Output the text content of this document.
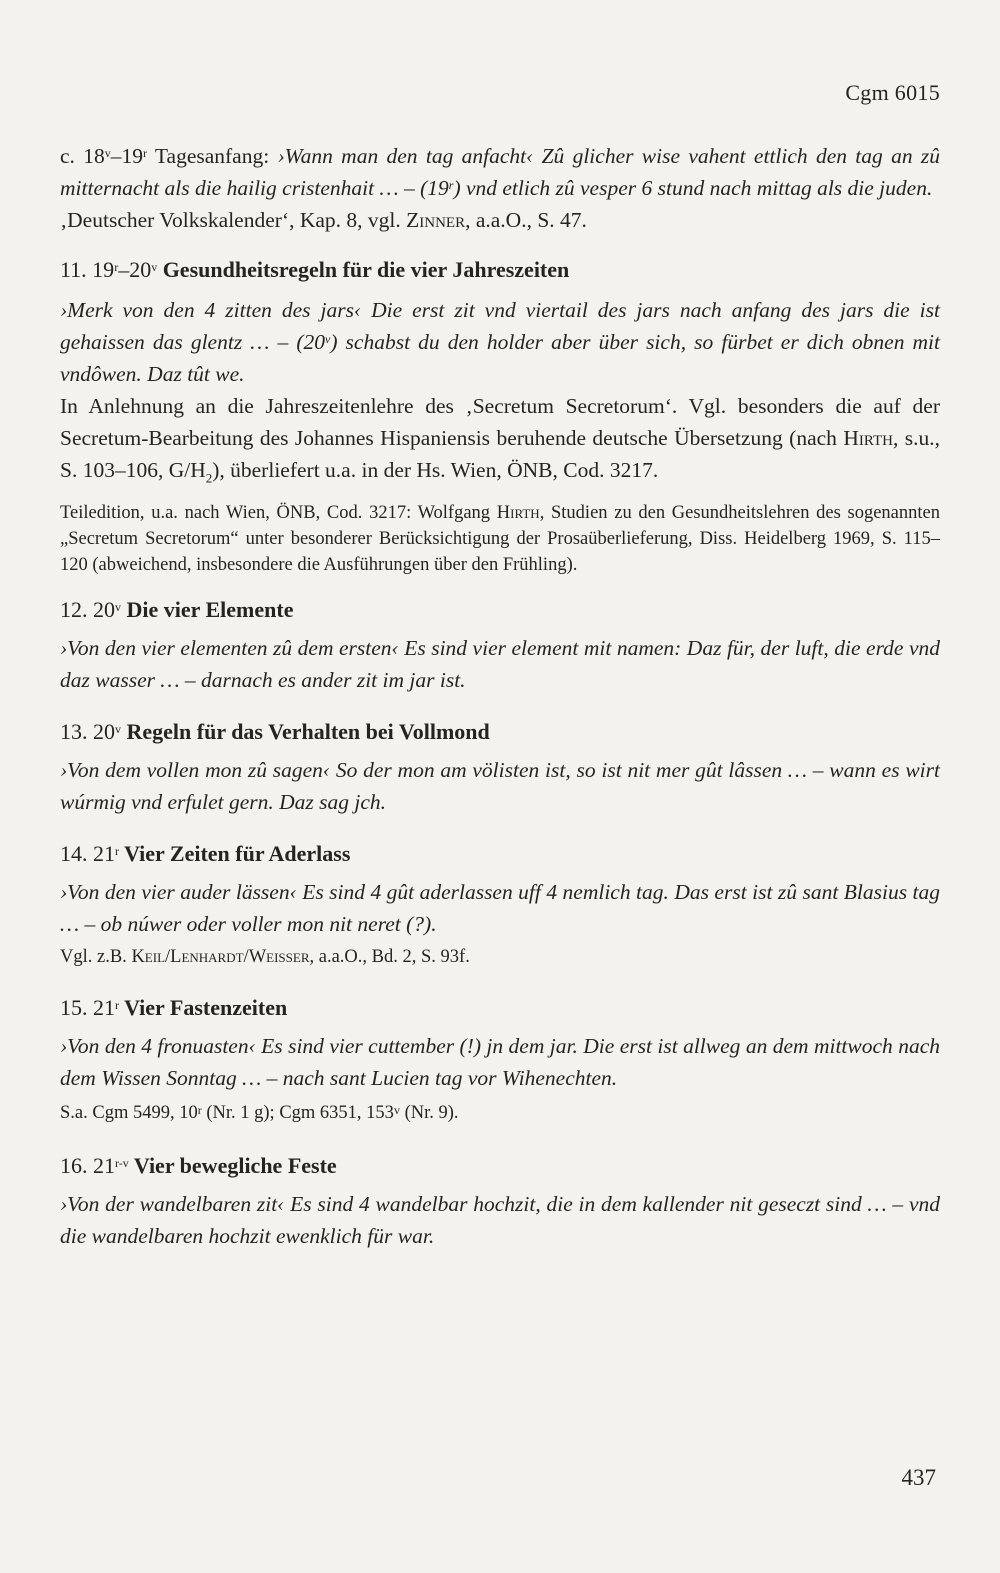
Cgm 6015

c. 18$^v$–19$^r$ Tagesanfang: ›Wann man den tag anfacht‹ Zû glicher wise vahent ettlich den tag an zû mitternacht als die hailig cristenhait … – (19$^r$) vnd etlich zû vesper 6 stund nach mittag als die juden.

‚Deutscher Volkskalender‘, Kap. 8, vgl. Zinner, a.a.O., S. 47.

11. 19$^r$–20$^v$ Gesundheitsregeln für die vier Jahreszeiten

›Merk von den 4 zitten des jars‹ Die erst zit vnd viertail des jars nach anfang des jars die ist gehaissen das glentz … – (20$^v$) schabst du den holder aber über sich, so fürbet er dich obnen mit vndôwen. Daz tût we.

In Anlehnung an die Jahreszeitenlehre des ‚Secretum Secretorum‘. Vgl. besonders die auf der Secretum-Bearbeitung des Johannes Hispaniensis beruhende deutsche Übersetzung (nach Hirth, s.u., S. 103–106, $G/H_2$), überliefert u.a. in der Hs. Wien, ÖNB, Cod. 3217.

Teiledition, u.a. nach Wien, ÖNB, Cod. 3217: Wolfgang Hirth, Studien zu den Gesundheitslehren des sogenannten „Secretum Secretorum“ unter besonderer Berücksichtigung der Prosaüberlieferung, Diss. Heidelberg 1969, S. 115–120 (abweichend, insbesondere die Ausführungen über den Frühling).

12. 20$^v$ Die vier Elemente

›Von den vier elementen zû dem ersten‹ Es sind vier element mit namen: Daz für, der luft, die erde vnd daz wasser … – darnach es ander zit im jar ist.

13. 20$^v$ Regeln für das Verhalten bei Vollmond

›Von dem vollen mon zû sagen‹ So der mon am völisten ist, so ist nit mer gût lâssen … – wann es wirt wúrmig vnd erfulet gern. Daz sag jch.

14. 21$^r$ Vier Zeiten für Aderlass

›Von den vier auder lässen‹ Es sind 4 gût aderlassen uff 4 nemlich tag. Das erst ist zû sant Blasius tag … – ob núwer oder voller mon nit neret (?).

Vgl. z.B. Keil/Lenhardt/Weisser, a.a.O., Bd. 2, S. 93f.

15. 21$^r$ Vier Fastenzeiten

›Von den 4 fronuasten‹ Es sind vier cuttember (!) jn dem jar. Die erst ist allweg an dem mittwoch nach dem Wissen Sonntag … – nach sant Lucien tag vor Wihenechten.

S.a. Cgm 5499, 10$^r$ (Nr. 1 g); Cgm 6351, 153$^v$ (Nr. 9).

16. 21$^{r-v}$ Vier bewegliche Feste

›Von der wandelbaren zit‹ Es sind 4 wandelbar hochzit, die in dem kallender nit geseczt sind … – vnd die wandelbaren hochzit ewenklich für war.

437
